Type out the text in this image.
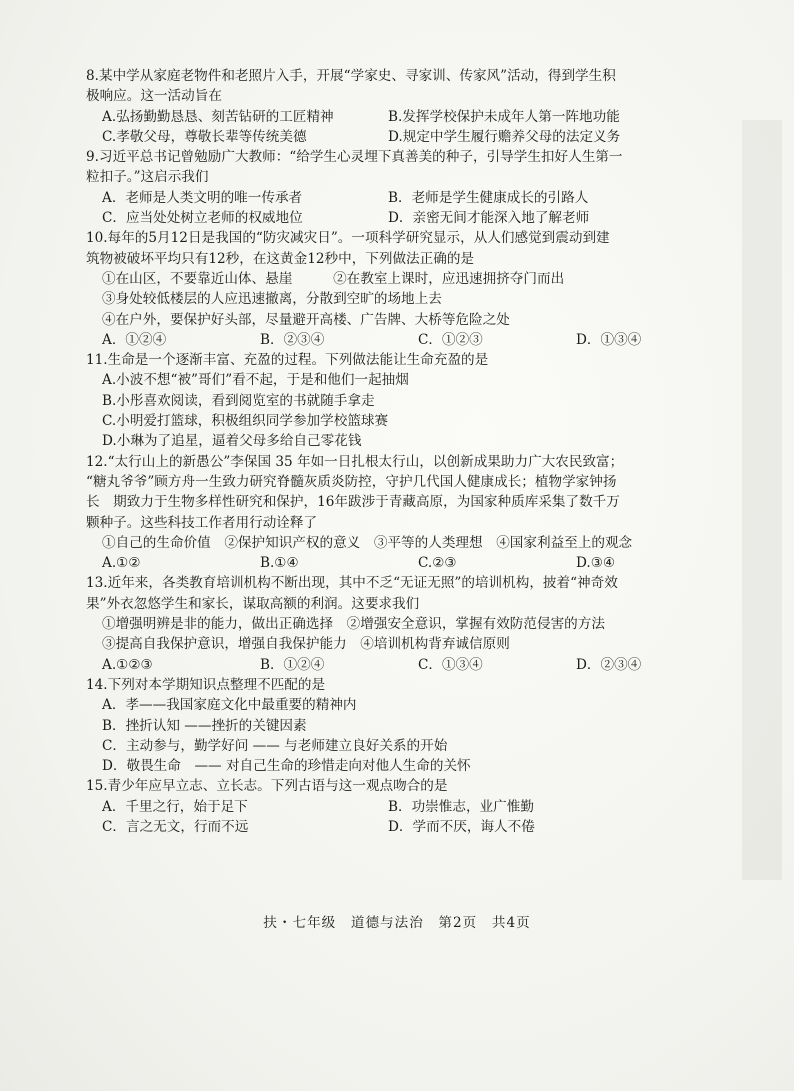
8.某中学从家庭老物件和老照片入手，开展“学家史、寻家训、传家风”活动，得到学生积
极响应。这一活动旨在
A.弘扬勤勤恳恳、刻苦钻研的工匠精神	B.发挥学校保护未成年人第一阵地功能
C.孝敬父母，尊敬长辈等传统美德	D.规定中学生履行赡养父母的法定义务
9.习近平总书记曾勉励广大教师：“给学生心灵埋下真善美的种子，引导学生扣好人生第一
粒扣子。”这启示我们
A．老师是人类文明的唯一传承者	B．老师是学生健康成长的引路人
C．应当处处树立老师的权威地位	D．亲密无间才能深入地了解老师
10.每年的5月12日是我国的“防灾减灾日”。一项科学研究显示，从人们感觉到震动到建
筑物被破坏平均只有12秒，在这黄金12秒中，下列做法正确的是
①在山区，不要靠近山体、悬崖　　　②在教室上课时，应迅速拥挤夺门而出
③身处较低楼层的人应迅速撤离，分散到空旷的场地上去
④在户外，要保护好头部，尽量避开高楼、广告牌、大桥等危险之处
A．①②④	B．②③④	C．①②③	D．①③④
11.生命是一个逐渐丰富、充盈的过程。下列做法能让生命充盈的是
A.小波不想“被”哥们”看不起，于是和他们一起抽烟
B.小彤喜欢阅读，看到阅览室的书就随手拿走
C.小明爱打篮球，积极组织同学参加学校篮球赛
D.小琳为了追星，逼着父母多给自己零花钱
12.“太行山上的新愚公”李保国 35 年如一日扎根太行山，以创新成果助力广大农民致富；
“糖丸爷爷”顾方舟一生致力研究脊髓灰质炎防控，守护几代国人健康成长；植物学家钟扬
长　期致力于生物多样性研究和保护，16年跋涉于青藏高原，为国家种质库采集了数千万
颗种子。这些科技工作者用行动诠释了
①自己的生命价值　②保护知识产权的意义　③平等的人类理想　④国家利益至上的观念
A.①②	B.①④	C.②③	D.③④
13.近年来，各类教育培训机构不断出现，其中不乏“无证无照”的培训机构，披着“神奇效
果”外衣忽悠学生和家长，谋取高额的利润。这要求我们
①增强明辨是非的能力，做出正确选择　②增强安全意识，掌握有效防范侵害的方法
③提高自我保护意识，增强自我保护能力　④培训机构背弃诚信原则
A.①②③	B．①②④	C．①③④	D．②③④
14.下列对本学期知识点整理不匹配的是
A．孝——我国家庭文化中最重要的精神内
B．挫折认知 ——挫折的关键因素
C．主动参与，勤学好问 —— 与老师建立良好关系的开始
D．敬畏生命　—— 对自己生命的珍惜走向对他人生命的关怀
15.青少年应早立志、立长志。下列古语与这一观点吻合的是
A．千里之行，始于足下	B．功崇惟志，业广惟勤
C．言之无文，行而不远	D．学而不厌，诲人不倦
扶・七年级　道德与法治　第2页　共4页
